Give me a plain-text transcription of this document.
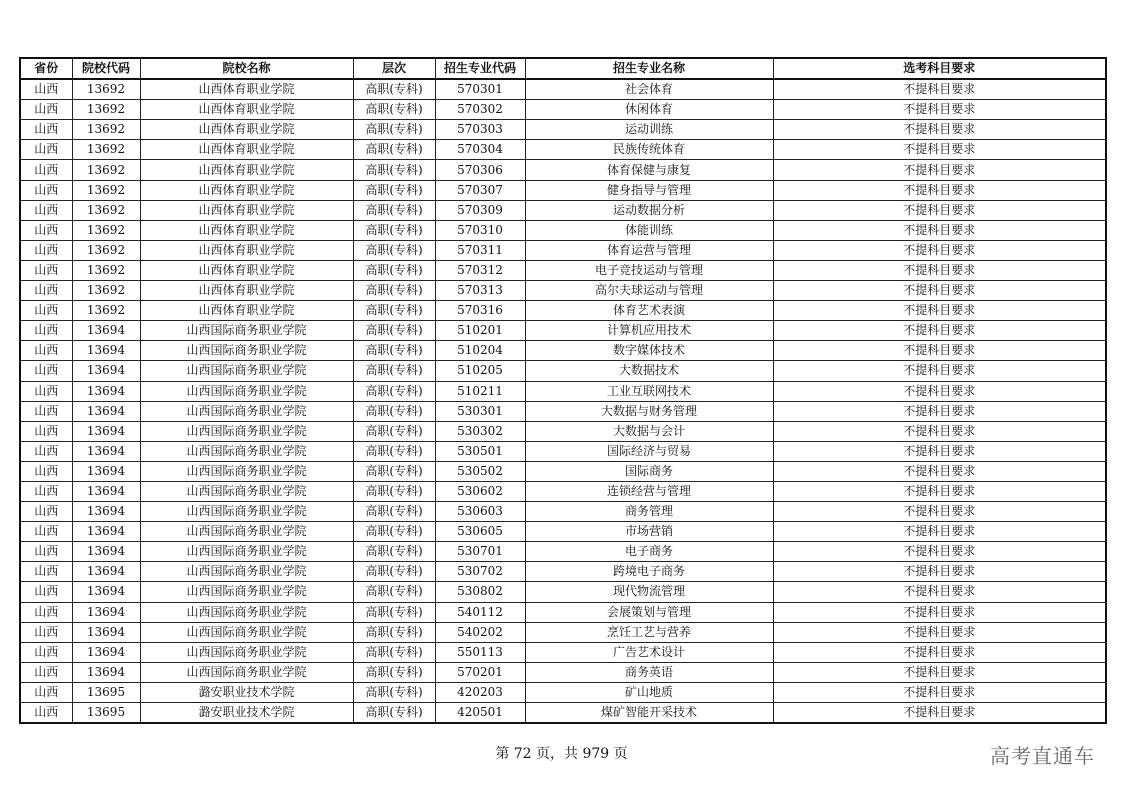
省份	院校代码	院校名称	层次	招生专业代码	招生专业名称	选考科目要求
山西	13692	山西体育职业学院	高职(专科)	570301	社会体育	不提科目要求
山西	13692	山西体育职业学院	高职(专科)	570302	休闲体育	不提科目要求
山西	13692	山西体育职业学院	高职(专科)	570303	运动训练	不提科目要求
山西	13692	山西体育职业学院	高职(专科)	570304	民族传统体育	不提科目要求
山西	13692	山西体育职业学院	高职(专科)	570306	体育保健与康复	不提科目要求
山西	13692	山西体育职业学院	高职(专科)	570307	健身指导与管理	不提科目要求
山西	13692	山西体育职业学院	高职(专科)	570309	运动数据分析	不提科目要求
山西	13692	山西体育职业学院	高职(专科)	570310	体能训练	不提科目要求
山西	13692	山西体育职业学院	高职(专科)	570311	体育运营与管理	不提科目要求
山西	13692	山西体育职业学院	高职(专科)	570312	电子竞技运动与管理	不提科目要求
山西	13692	山西体育职业学院	高职(专科)	570313	高尔夫球运动与管理	不提科目要求
山西	13692	山西体育职业学院	高职(专科)	570316	体育艺术表演	不提科目要求
山西	13694	山西国际商务职业学院	高职(专科)	510201	计算机应用技术	不提科目要求
山西	13694	山西国际商务职业学院	高职(专科)	510204	数字媒体技术	不提科目要求
山西	13694	山西国际商务职业学院	高职(专科)	510205	大数据技术	不提科目要求
山西	13694	山西国际商务职业学院	高职(专科)	510211	工业互联网技术	不提科目要求
山西	13694	山西国际商务职业学院	高职(专科)	530301	大数据与财务管理	不提科目要求
山西	13694	山西国际商务职业学院	高职(专科)	530302	大数据与会计	不提科目要求
山西	13694	山西国际商务职业学院	高职(专科)	530501	国际经济与贸易	不提科目要求
山西	13694	山西国际商务职业学院	高职(专科)	530502	国际商务	不提科目要求
山西	13694	山西国际商务职业学院	高职(专科)	530602	连锁经营与管理	不提科目要求
山西	13694	山西国际商务职业学院	高职(专科)	530603	商务管理	不提科目要求
山西	13694	山西国际商务职业学院	高职(专科)	530605	市场营销	不提科目要求
山西	13694	山西国际商务职业学院	高职(专科)	530701	电子商务	不提科目要求
山西	13694	山西国际商务职业学院	高职(专科)	530702	跨境电子商务	不提科目要求
山西	13694	山西国际商务职业学院	高职(专科)	530802	现代物流管理	不提科目要求
山西	13694	山西国际商务职业学院	高职(专科)	540112	会展策划与管理	不提科目要求
山西	13694	山西国际商务职业学院	高职(专科)	540202	烹饪工艺与营养	不提科目要求
山西	13694	山西国际商务职业学院	高职(专科)	550113	广告艺术设计	不提科目要求
山西	13694	山西国际商务职业学院	高职(专科)	570201	商务英语	不提科目要求
山西	13695	潞安职业技术学院	高职(专科)	420203	矿山地质	不提科目要求
山西	13695	潞安职业技术学院	高职(专科)	420501	煤矿智能开采技术	不提科目要求
第 72 页，共 979 页	高考直通车
